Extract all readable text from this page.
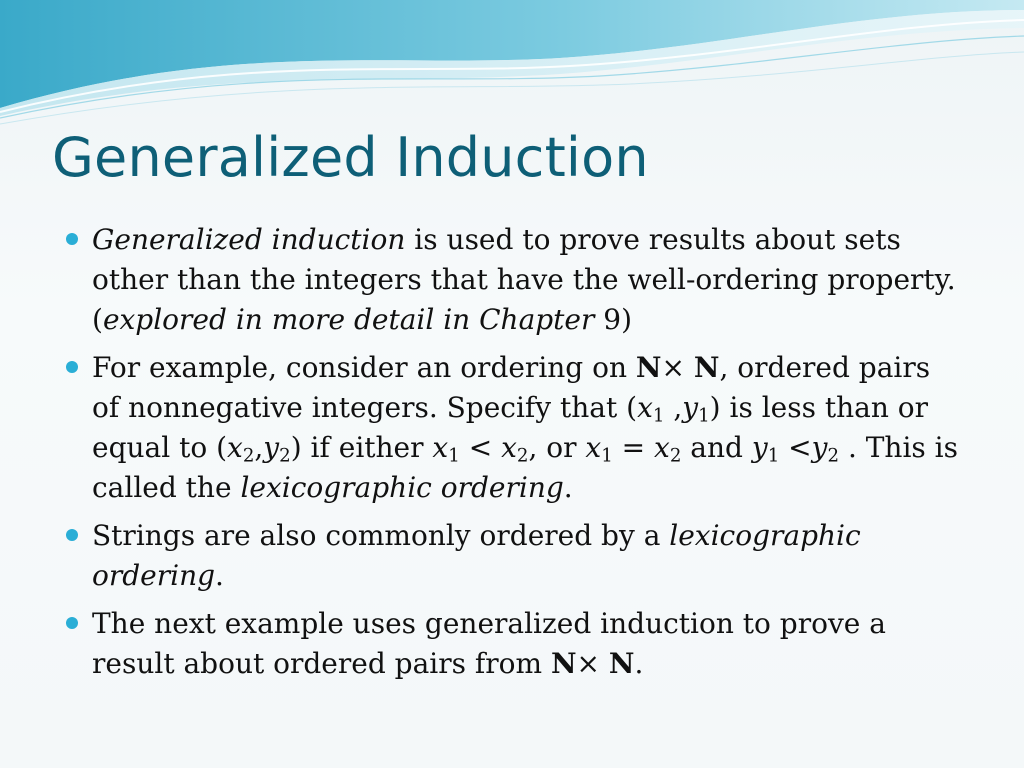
Generalized Induction
Generalized induction is used to prove results about sets other than the integers that have the well-ordering property. (explored in more detail in Chapter 9)
For example, consider an ordering on N× N, ordered pairs of nonnegative integers. Specify that ($x_1$ $,y_1$) is less than or equal to $(x_2,y_2)$ if either $x_1 < x_2$, or $x_1 = x_2$ and $y_1 <y_2$ . This is called the lexicographic ordering.
Strings are also commonly ordered by a lexicographic ordering.
The next example uses generalized induction to prove a result about ordered pairs from N× N.
